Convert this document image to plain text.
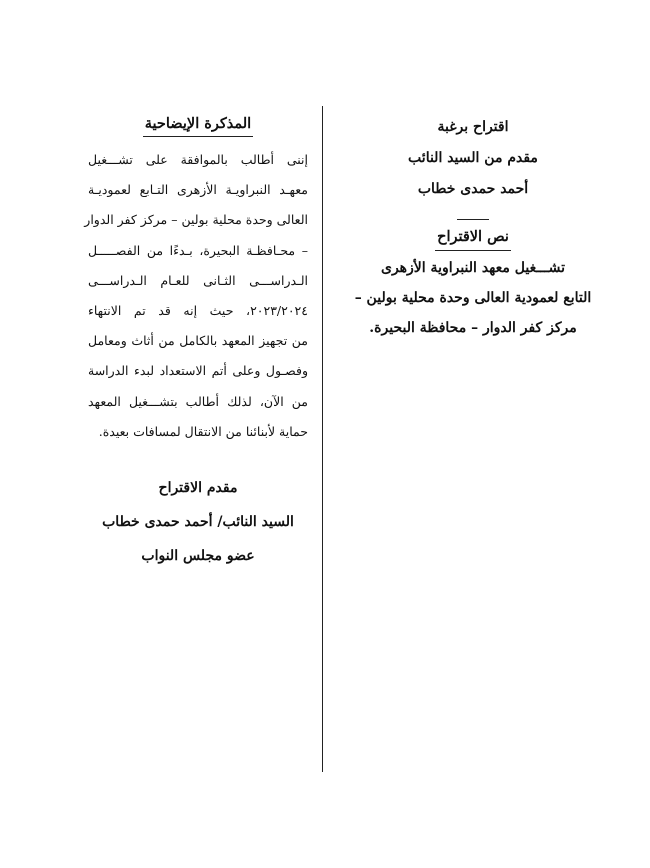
اقتراح برغبة
مقدم من السيد النائب
أحمد حمدى خطاب
نص الاقتراح
تشـــغيل معهد النبراوية الأزهرى
التابع لعمودية العالى وحدة محلية بولين –
مركز كفر الدوار – محافظة البحيرة.
المذكرة الإيضاحية
إننى أطالب بالموافقة على تشـــغيل
معهـد النبراويـة الأزهرى التـابع لعموديـة
العالى وحدة محلية بولين – مركز كفر الدوار
– محـافظـة البحيرة، بـدءًا من الفصـــــل
الـدراســـى الثـانى للعـام الـدراســـى
٢٠٢٣/٢٠٢٤، حيث إنه قد تم الانتهاء
من تجهيز المعهد بالكامل من أثاث ومعامل
وفصـول وعلى أتم الاستعداد لبدء الدراسة
من الآن، لذلك أطالب بتشـــغيل المعهد
حماية لأبنائنا من الانتقال لمسافات بعيدة.
مقدم الاقتراح
السيد النائب/ أحمد حمدى خطاب
عضو مجلس النواب
